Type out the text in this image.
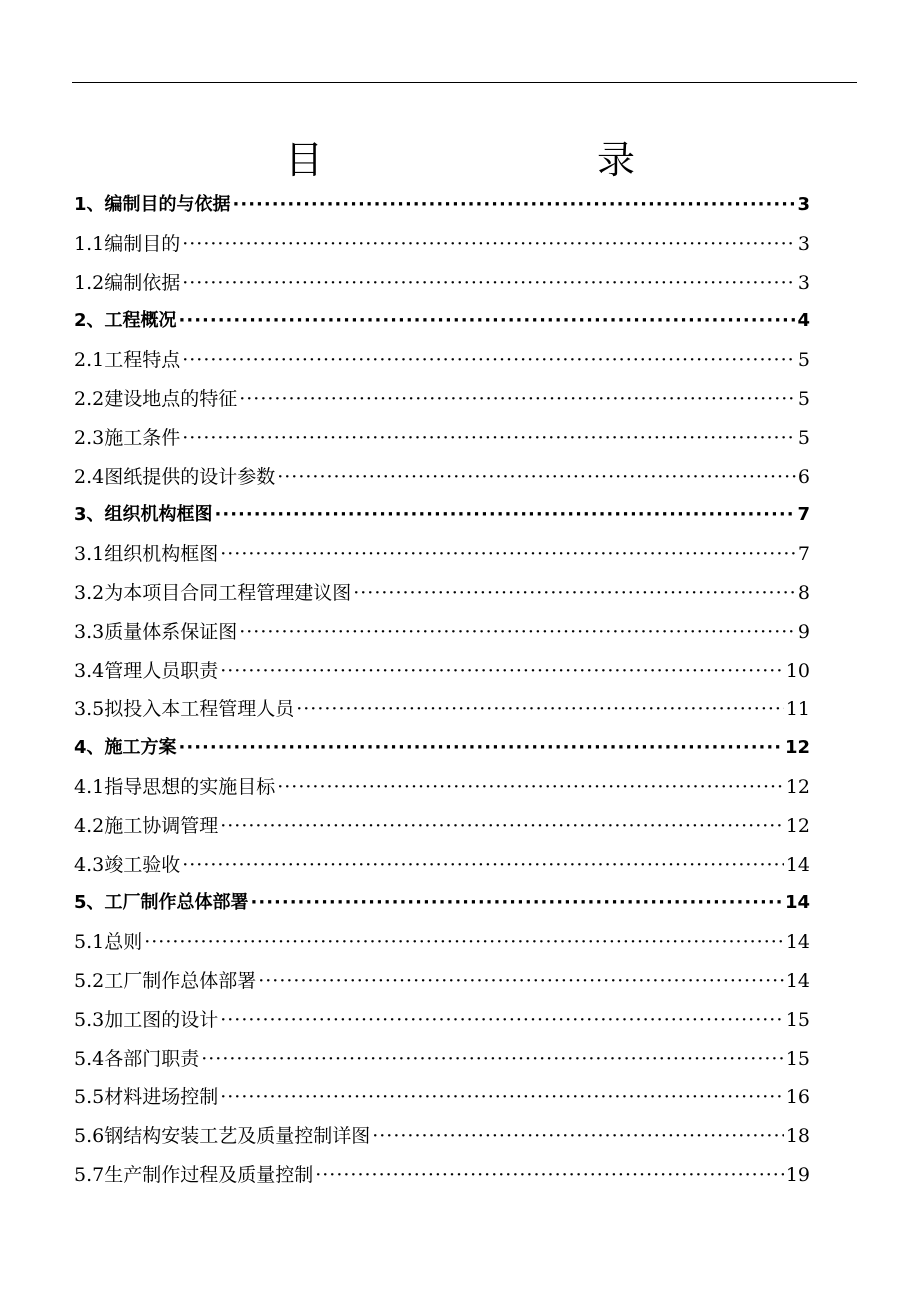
目　录
1、编制目的与依据 ·····	3
1.1编制目的 ·····	3
1.2编制依据 ·····	3
2、工程概况 ·····	4
2.1工程特点 ·····	5
2.2建设地点的特征 ·····	5
2.3施工条件 ·····	5
2.4图纸提供的设计参数 ·····	6
3、组织机构框图 ·····	7
3.1组织机构框图 ·····	7
3.2为本项目合同工程管理建议图 ·····	8
3.3质量体系保证图 ·····	9
3.4管理人员职责 ·····	10
3.5拟投入本工程管理人员 ·····	11
4、施工方案 ·····	12
4.1指导思想的实施目标 ·····	12
4.2施工协调管理 ·····	12
4.3竣工验收 ·····	14
5、工厂制作总体部署 ·····	14
5.1总则 ·····	14
5.2工厂制作总体部署 ·····	14
5.3加工图的设计 ·····	15
5.4各部门职责 ·····	15
5.5材料进场控制 ·····	16
5.6钢结构安装工艺及质量控制详图 ·····	18
5.7生产制作过程及质量控制 ·····	19
